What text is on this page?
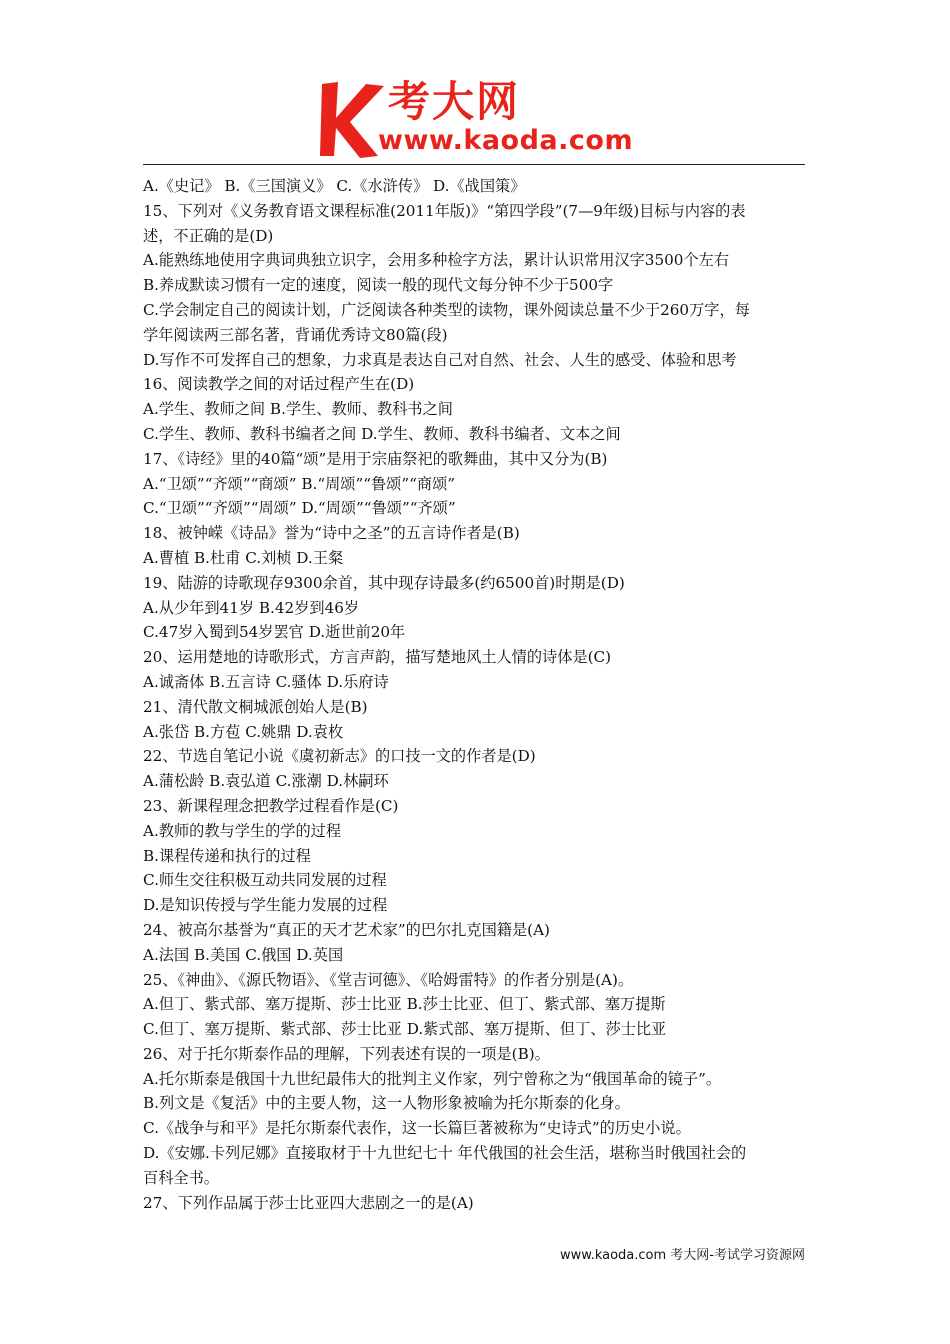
考大网
www.kaoda.com
A.《史记》 B.《三国演义》 C.《水浒传》 D.《战国策》
15、下列对《义务教育语文课程标准(2011年版)》“第四学段”(7—9年级)目标与内容的表
述，不正确的是(D)
A.能熟练地使用字典词典独立识字，会用多种检字方法，累计认识常用汉字3500个左右
B.养成默读习惯有一定的速度，阅读一般的现代文每分钟不少于500字
C.学会制定自己的阅读计划，广泛阅读各种类型的读物，课外阅读总量不少于260万字，每
学年阅读两三部名著，背诵优秀诗文80篇(段)
D.写作不可发挥自己的想象，力求真是表达自己对自然、社会、人生的感受、体验和思考
16、阅读教学之间的对话过程产生在(D)
A.学生、教师之间 B.学生、教师、教科书之间
C.学生、教师、教科书编者之间 D.学生、教师、教科书编者、文本之间
17、《诗经》里的40篇“颂”是用于宗庙祭祀的歌舞曲，其中又分为(B)
A.“卫颂”“齐颂”“商颂” B.“周颂”“鲁颂”“商颂”
C.“卫颂”“齐颂”“周颂” D.“周颂”“鲁颂”“齐颂”
18、被钟嵘《诗品》誉为“诗中之圣”的五言诗作者是(B)
A.曹植 B.杜甫 C.刘桢 D.王粲
19、陆游的诗歌现存9300余首，其中现存诗最多(约6500首)时期是(D)
A.从少年到41岁 B.42岁到46岁
C.47岁入蜀到54岁罢官 D.逝世前20年
20、运用楚地的诗歌形式，方言声韵，描写楚地风土人情的诗体是(C)
A.诚斋体 B.五言诗 C.骚体 D.乐府诗
21、清代散文桐城派创始人是(B)
A.张岱 B.方苞 C.姚鼎 D.袁枚
22、节选自笔记小说《虞初新志》的口技一文的作者是(D)
A.蒲松龄 B.袁弘道 C.涨潮 D.林嗣环
23、新课程理念把教学过程看作是(C)
A.教师的教与学生的学的过程
B.课程传递和执行的过程
C.师生交往积极互动共同发展的过程
D.是知识传授与学生能力发展的过程
24、被高尔基誉为“真正的天才艺术家”的巴尔扎克国籍是(A)
A.法国 B.美国 C.俄国 D.英国
25、《神曲》、《源氏物语》、《堂吉诃德》、《哈姆雷特》的作者分别是(A)。
A.但丁、紫式部、塞万提斯、莎士比亚 B.莎士比亚、但丁、紫式部、塞万提斯
C.但丁、塞万提斯、紫式部、莎士比亚 D.紫式部、塞万提斯、但丁、莎士比亚
26、对于托尔斯泰作品的理解，下列表述有误的一项是(B)。
A.托尔斯泰是俄国十九世纪最伟大的批判主义作家，列宁曾称之为“俄国革命的镜子”。
B.列文是《复活》中的主要人物，这一人物形象被喻为托尔斯泰的化身。
C.《战争与和平》是托尔斯泰代表作，这一长篇巨著被称为“史诗式”的历史小说。
D.《安娜.卡列尼娜》直接取材于十九世纪七十 年代俄国的社会生活，堪称当时俄国社会的
百科全书。
27、下列作品属于莎士比亚四大悲剧之一的是(A)
www.kaoda.com 考大网-考试学习资源网
